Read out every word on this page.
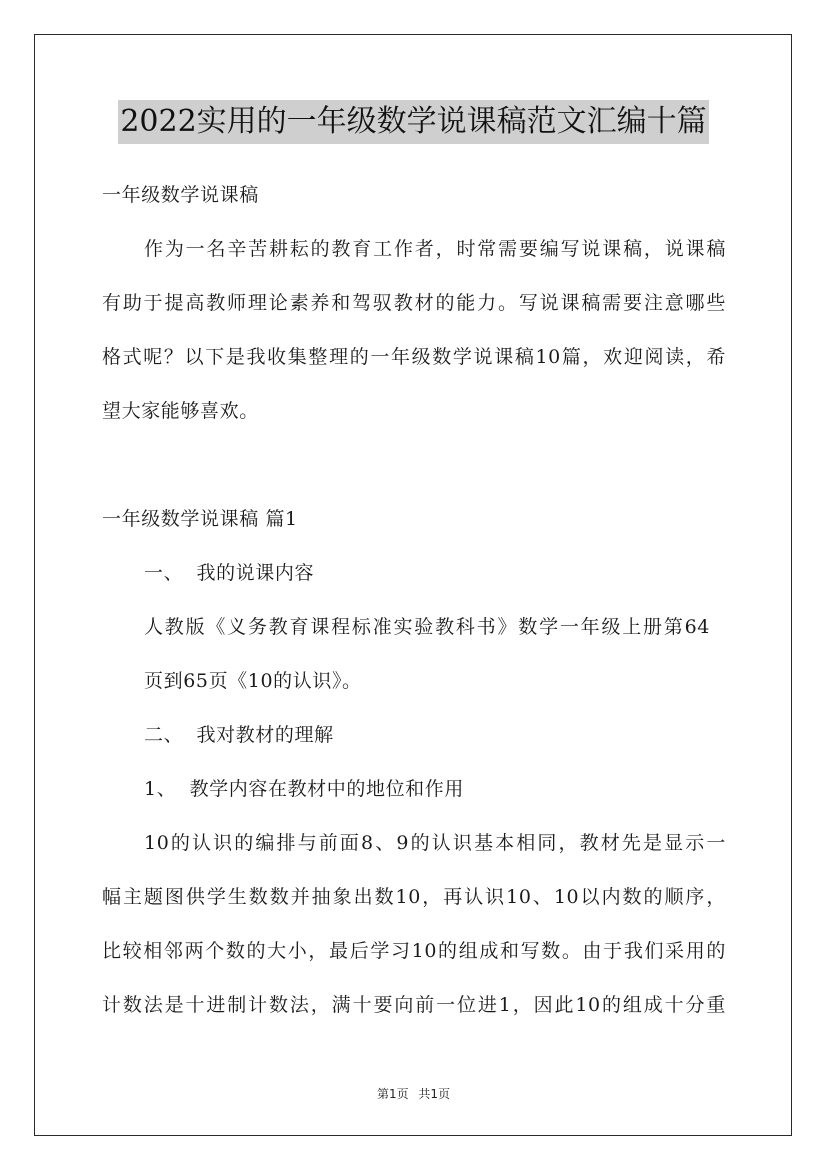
2022实用的一年级数学说课稿范文汇编十篇
一年级数学说课稿
作为一名辛苦耕耘的教育工作者，时常需要编写说课稿，说课稿
有助于提高教师理论素养和驾驭教材的能力。写说课稿需要注意哪些
格式呢？以下是我收集整理的一年级数学说课稿10篇，欢迎阅读，希
望大家能够喜欢。
一年级数学说课稿 篇1
一、  我的说课内容
人教版《义务教育课程标准实验教科书》数学一年级上册第64
页到65页《10的认识》。
二、  我对教材的理解
1、  教学内容在教材中的地位和作用
10的认识的编排与前面8、9的认识基本相同，教材先是显示一
幅主题图供学生数数并抽象出数10，再认识10、10以内数的顺序，
比较相邻两个数的大小，最后学习10的组成和写数。由于我们采用的
计数法是十进制计数法，满十要向前一位进1，因此10的组成十分重
第1页 共1页
